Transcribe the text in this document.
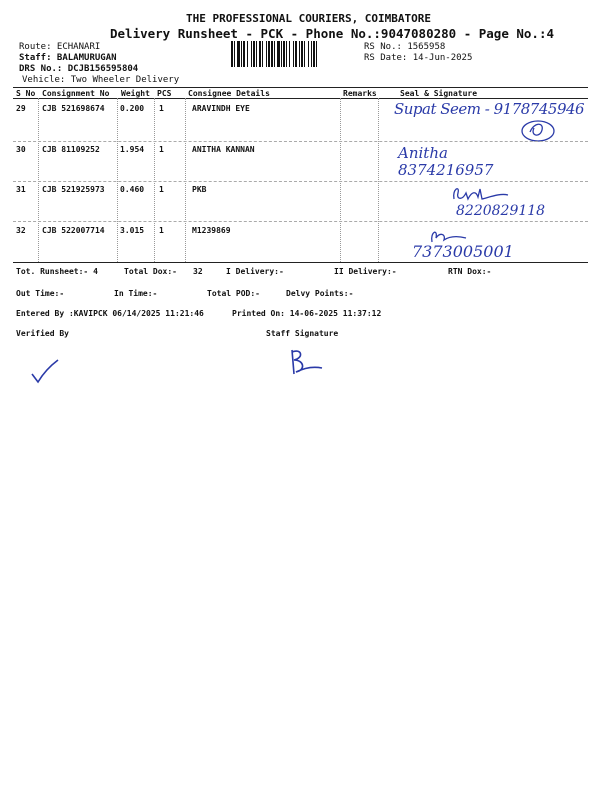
THE PROFESSIONAL COURIERS, COIMBATORE
Delivery Runsheet - PCK - Phone No.:9047080280 - Page No.:4
Route: ECHANARI
Staff: BALAMURUGAN
DRS No.: DCJB156595804
Vehicle: Two Wheeler Delivery
RS No.: 1565958
RS Date: 14-Jun-2025
S No Consignment No Weight PCS Consignee Details	Remarks	Seal & Signature
29 CJB 521698674 0.200 1	ARAVINDH EYE	Supat Seem - 9178745946
30 CJB 81109252	1.954 1	ANITHA KANNAN	Anitha 8374216957
31 CJB 521925973 0.460 1	PKB
8220829118
32 CJB 522007714 3.015 1	M1239869
7373005001
Tot. Runsheet:- 4	Total Dox:- 32	I Delivery:-	II Delivery:-	RTN Dox:-
Out Time:-	In Time:-	Total POD:-	Delvy Points:-
Entered By :KAVIPCK 06/14/2025 11:21:46	Printed On: 14-06-2025 11:37:12
Verified By	Staff Signature
